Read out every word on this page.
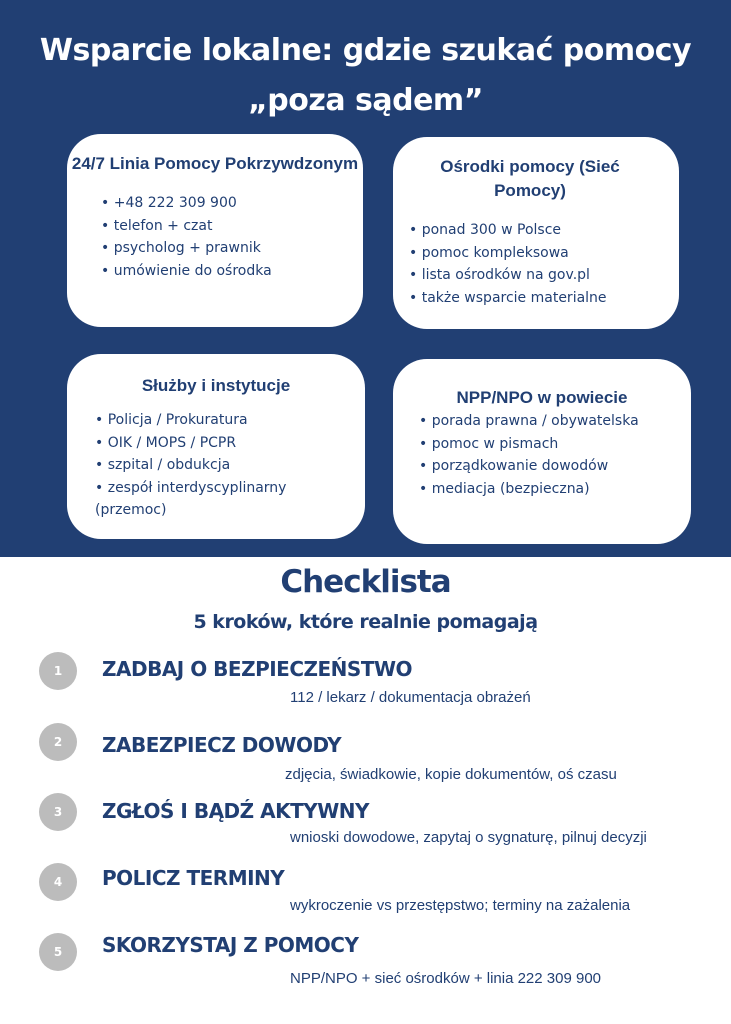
Wsparcie lokalne: gdzie szukać pomocy
„poza sądem”
24/7 Linia Pomocy Pokrzywdzonym
• +48 222 309 900
• telefon + czat
• psycholog + prawnik
• umówienie do ośrodka
Ośrodki pomocy (Sieć Pomocy)
• ponad 300 w Polsce
• pomoc kompleksowa
• lista ośrodków na gov.pl
• także wsparcie materialne
Służby i instytucje
• Policja / Prokuratura
• OIK / MOPS / PCPR
• szpital / obdukcja
• zespół interdyscyplinarny (przemoc)
NPP/NPO w powiecie
• porada prawna / obywatelska
• pomoc w pismach
• porządkowanie dowodów
• mediacja (bezpieczna)
Checklista
5 kroków, które realnie pomagają
1	ZADBAJ O BEZPIECZEŃSTWO
112 / lekarz / dokumentacja obrażeń
2	ZABEZPIECZ DOWODY
zdjęcia, świadkowie, kopie dokumentów, oś czasu
3	ZGŁOŚ I BĄDŹ AKTYWNY
wnioski dowodowe, zapytaj o sygnaturę, pilnuj decyzji
4	POLICZ TERMINY
wykroczenie vs przestępstwo; terminy na zażalenia
5	SKORZYSTAJ Z POMOCY
NPP/NPO + sieć ośrodków + linia 222 309 900
